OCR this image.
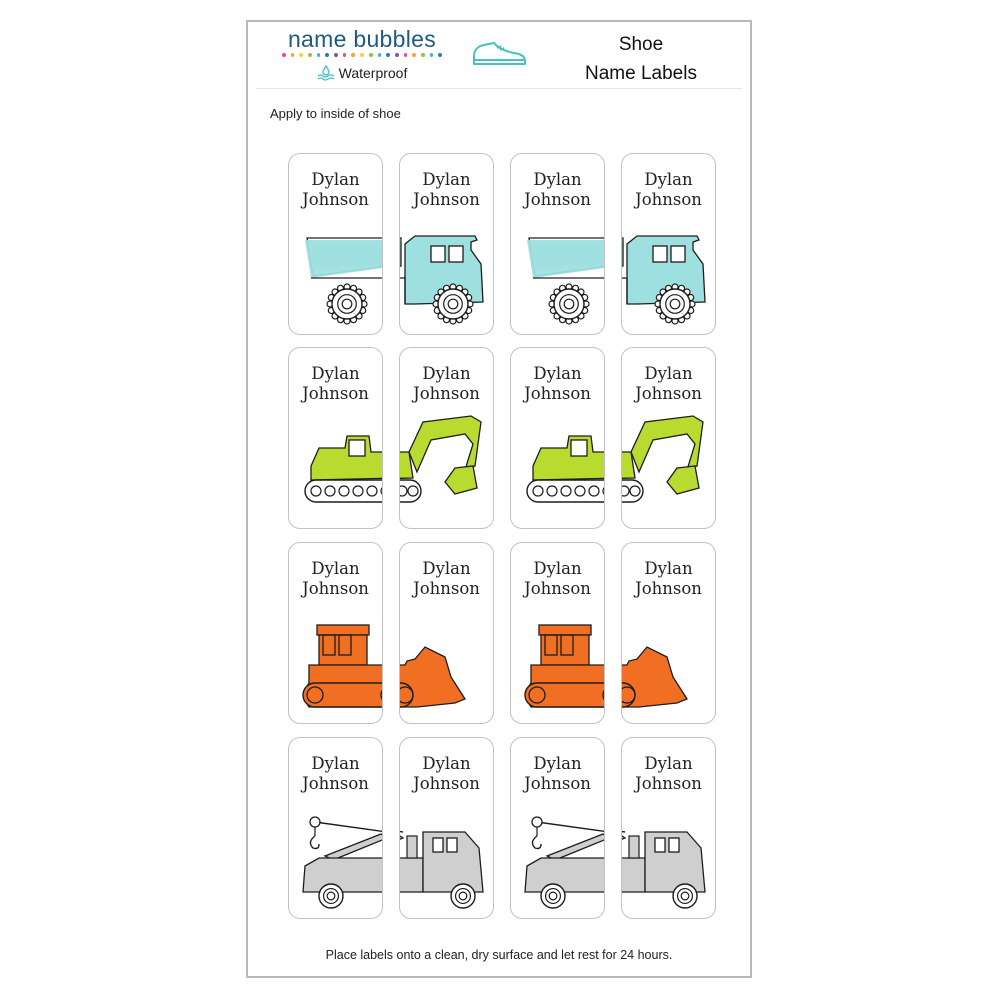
name bubbles
Waterproof
Shoe
Name Labels
Apply to inside of shoe
Dylan
Johnson
Dylan
Johnson
Dylan
Johnson
Dylan
Johnson
Dylan
Johnson
Dylan
Johnson
Dylan
Johnson
Dylan
Johnson
Dylan
Johnson
Dylan
Johnson
Dylan
Johnson
Dylan
Johnson
Dylan
Johnson
Dylan
Johnson
Dylan
Johnson
Dylan
Johnson
Place labels onto a clean, dry surface and let rest for 24 hours.
